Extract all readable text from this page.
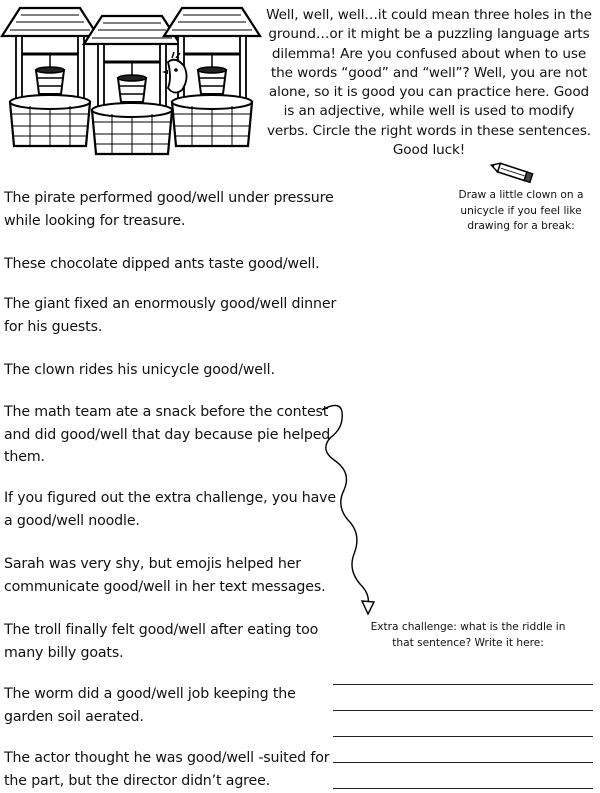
Well, well, well…it could mean three holes in the ground…or it might be a puzzling language arts dilemma! Are you confused about when to use the words “good” and “well”? Well, you are not alone, so it is good you can practice here. Good is an adjective, while well is used to modify verbs. Circle the right words in these sentences. Good luck!
The pirate performed good/well under pressure while looking for treasure.
These chocolate dipped ants taste good/well.
The giant fixed an enormously good/well dinner for his guests.
The clown rides his unicycle good/well.
The math team ate a snack before the contest and did good/well that day because pie helped them.
If you figured out the extra challenge, you have a good/well noodle.
Sarah was very shy, but emojis helped her communicate good/well in her text messages.
The troll finally felt good/well after eating too many billy goats.
The worm did a good/well job keeping the garden soil aerated.
The actor thought he was good/well -suited for the part, but the director didn’t agree.
Draw a little clown on a unicycle if you feel like drawing for a break:
Extra challenge: what is the riddle in that sentence? Write it here:
